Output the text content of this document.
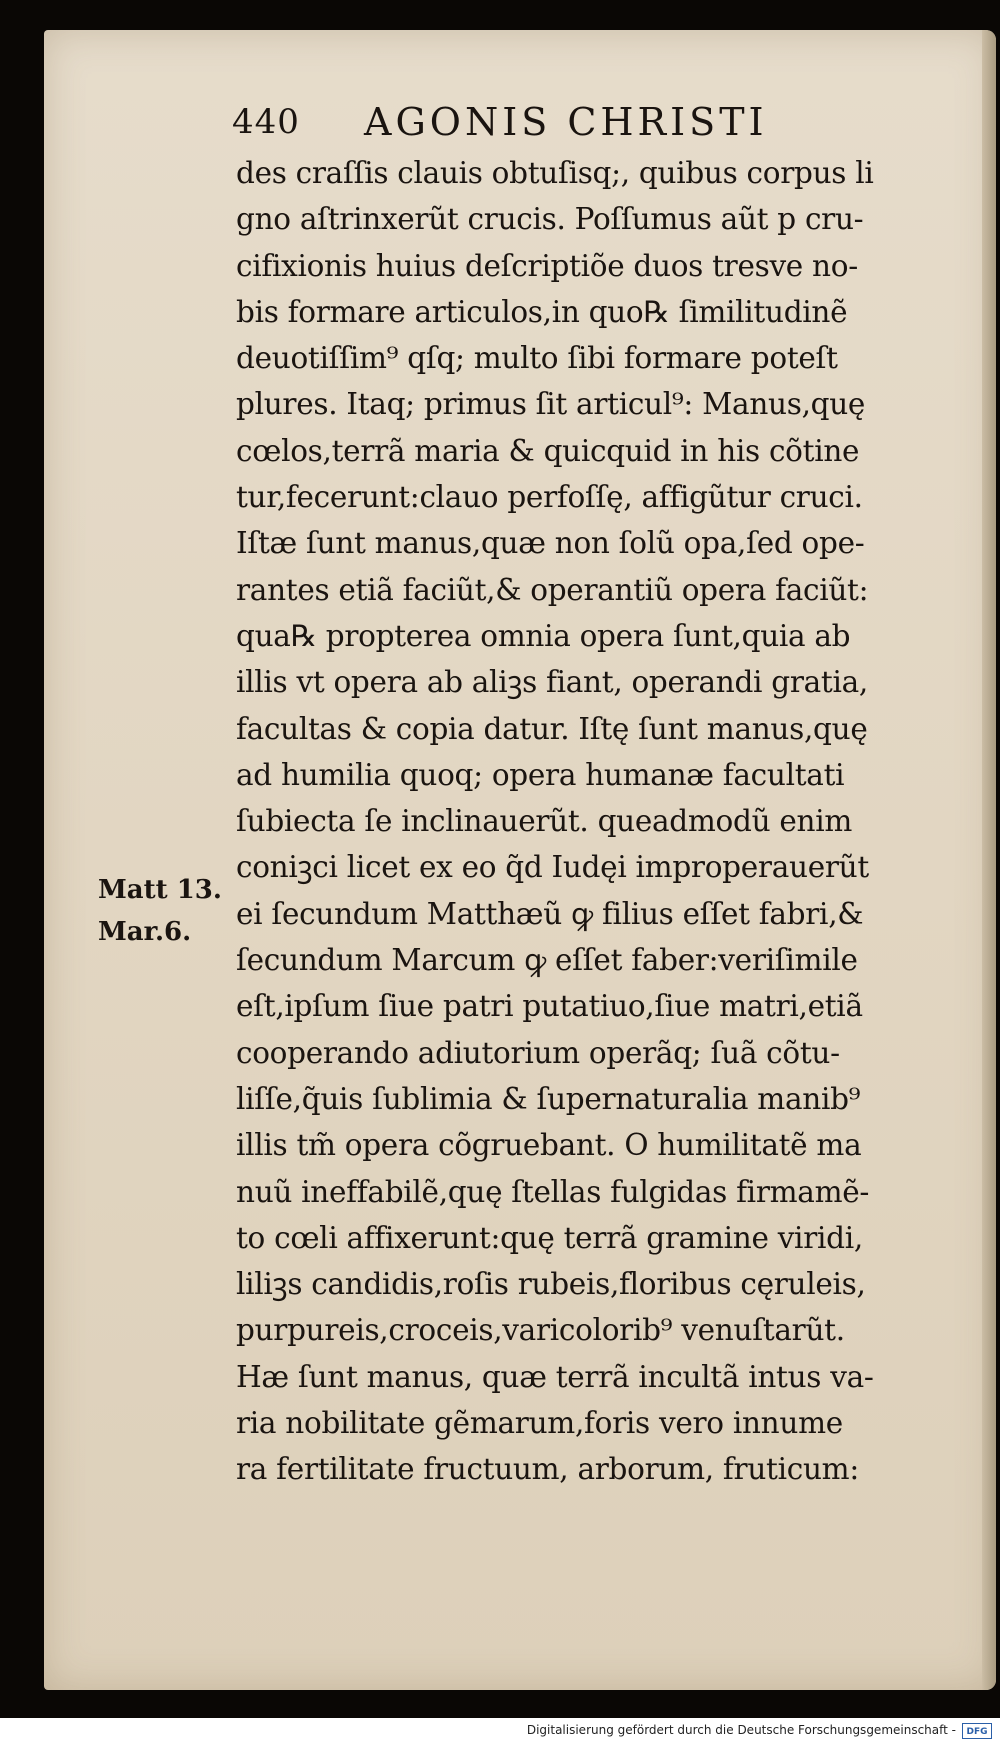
440 AGONIS CHRISTI
des craſſis clauis obtuſisq;, quibus corpus li
gno aſtrinxerũt crucis. Poſſumus aũt p cru-
cifixionis huius deſcriptiõe duos tresve no-
bis formare articulos,in quo℞ ſimilitudinẽ
deuotiſſim⁹ qſq; multo ſibi formare poteſt
plures. Itaq; primus ſit articul⁹: Manus,quę
cœlos,terrã maria & quicquid in his cõtine
tur,fecerunt:clauo perfoſſę, affigũtur cruci.
Iſtæ ſunt manus,quæ non ſolũ opa,ſed ope-
rantes etiã faciũt,& operantiũ opera faciũt:
qua℞ propterea omnia opera ſunt,quia ab
illis vt opera ab aliꝫs fiant, operandi gratia,
facultas & copia datur. Iſtę ſunt manus,quę
ad humilia quoq; opera humanæ facultati
ſubiecta ſe inclinauerũt. queadmodũ enim
coniꝫci licet ex eo q̃d Iudęi improperauerũt
ei ſecundum Matthæũ ꝙ filius eſſet fabri,&
ſecundum Marcum ꝙ eſſet faber:veriſimile
eſt,ipſum ſiue patri putatiuo,ſiue matri,etiã
cooperando adiutorium operãq; ſuã cõtu-
liſſe,q̃uis ſublimia & ſupernaturalia manib⁹
illis tm̃ opera cõgruebant. O humilitatẽ ma
nuũ ineffabilẽ,quę ſtellas fulgidas firmamẽ-
to cœli affixerunt:quę terrã gramine viridi,
liliꝫs candidis,roſis rubeis,floribus cęruleis,
purpureis,croceis,varicolorib⁹ venuſtarũt.
Hæ ſunt manus, quæ terrã incultã intus va-
ria nobilitate gẽmarum,foris vero innume
ra fertilitate fructuum, arborum, fruticum:
Matt 13.
Mar.6.
Digitalisierung gefördert durch die Deutsche Forschungsgemeinschaft -	DFG
